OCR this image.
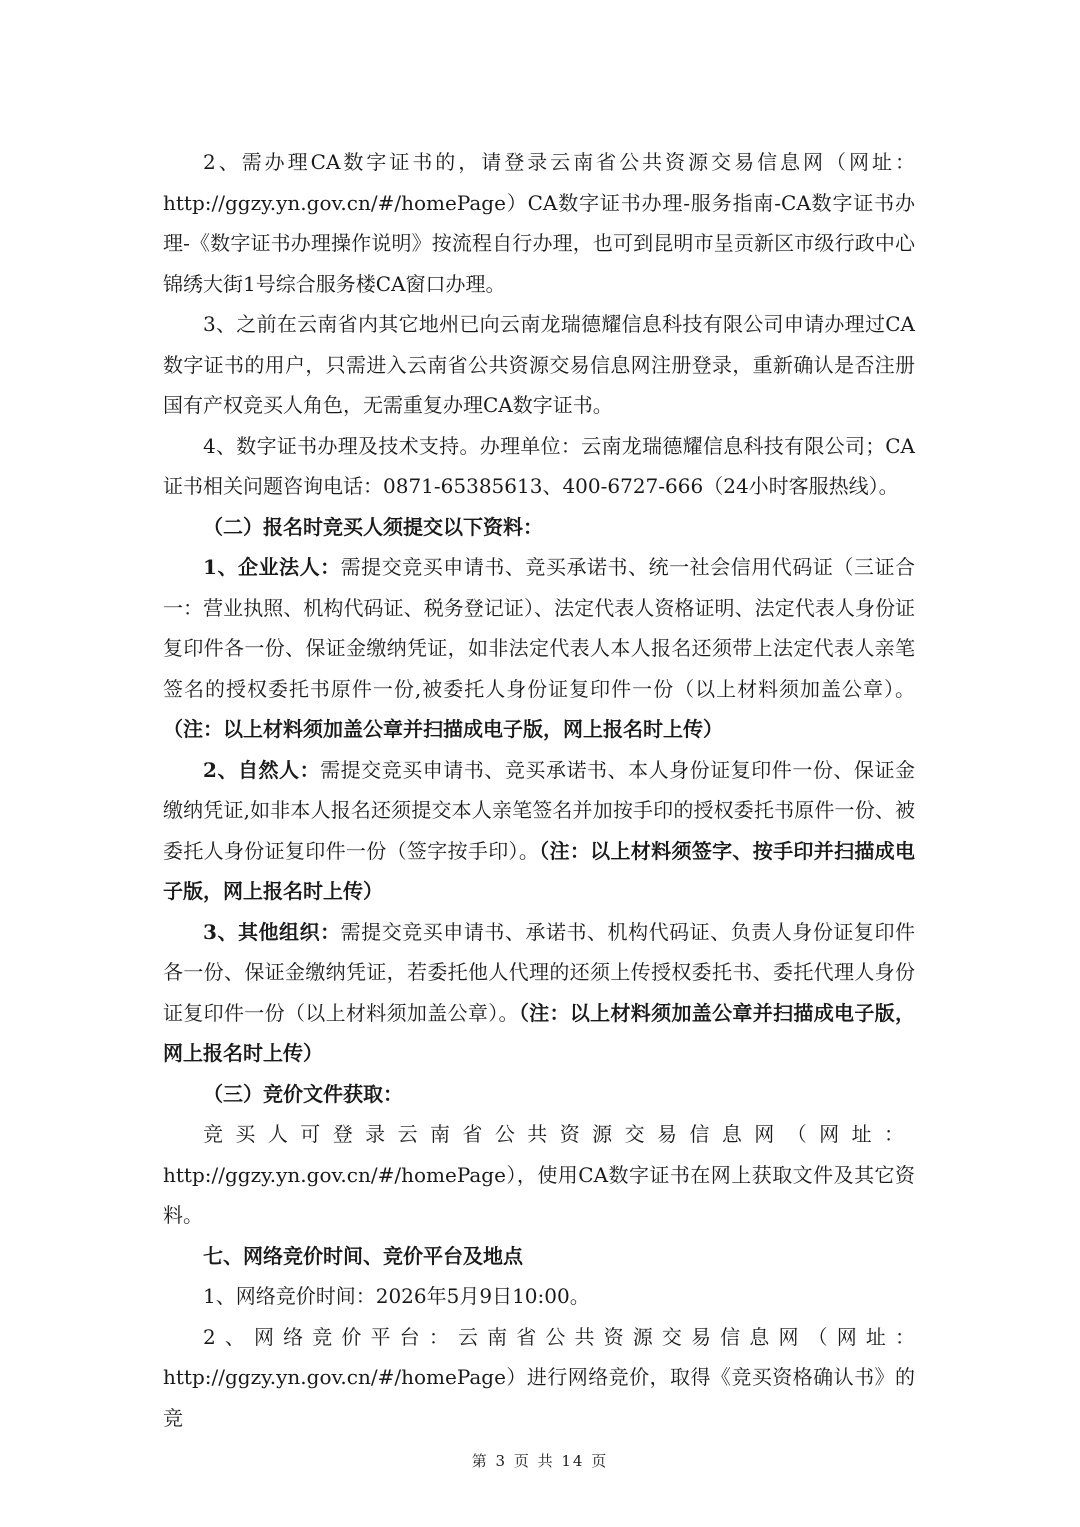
2、需办理CA数字证书的，请登录云南省公共资源交易信息网（网址：http://ggzy.yn.gov.cn/#/homePage）CA数字证书办理-服务指南-CA数字证书办理-《数字证书办理操作说明》按流程自行办理，也可到昆明市呈贡新区市级行政中心锦绣大街1号综合服务楼CA窗口办理。

3、之前在云南省内其它地州已向云南龙瑞德耀信息科技有限公司申请办理过CA数字证书的用户，只需进入云南省公共资源交易信息网注册登录，重新确认是否注册国有产权竞买人角色，无需重复办理CA数字证书。

4、数字证书办理及技术支持。办理单位：云南龙瑞德耀信息科技有限公司；CA证书相关问题咨询电话：0871-65385613、400-6727-666（24小时客服热线）。

（二）报名时竞买人须提交以下资料：

1、企业法人：需提交竞买申请书、竞买承诺书、统一社会信用代码证（三证合一：营业执照、机构代码证、税务登记证）、法定代表人资格证明、法定代表人身份证复印件各一份、保证金缴纳凭证，如非法定代表人本人报名还须带上法定代表人亲笔签名的授权委托书原件一份,被委托人身份证复印件一份（以上材料须加盖公章）。（注：以上材料须加盖公章并扫描成电子版，网上报名时上传）

2、自然人：需提交竞买申请书、竞买承诺书、本人身份证复印件一份、保证金缴纳凭证,如非本人报名还须提交本人亲笔签名并加按手印的授权委托书原件一份、被委托人身份证复印件一份（签字按手印）。（注：以上材料须签字、按手印并扫描成电子版，网上报名时上传）

3、其他组织：需提交竞买申请书、承诺书、机构代码证、负责人身份证复印件各一份、保证金缴纳凭证，若委托他人代理的还须上传授权委托书、委托代理人身份证复印件一份（以上材料须加盖公章）。（注：以上材料须加盖公章并扫描成电子版，网上报名时上传）

（三）竞价文件获取：

竞买人可登录云南省公共资源交易信息网（网址：http://ggzy.yn.gov.cn/#/homePage），使用CA数字证书在网上获取文件及其它资料。

七、网络竞价时间、竞价平台及地点

1、网络竞价时间：2026年5月9日10:00。

2、网络竞价平台：云南省公共资源交易信息网（网址：http://ggzy.yn.gov.cn/#/homePage）进行网络竞价，取得《竞买资格确认书》的竞

第 3 页 共 14 页
